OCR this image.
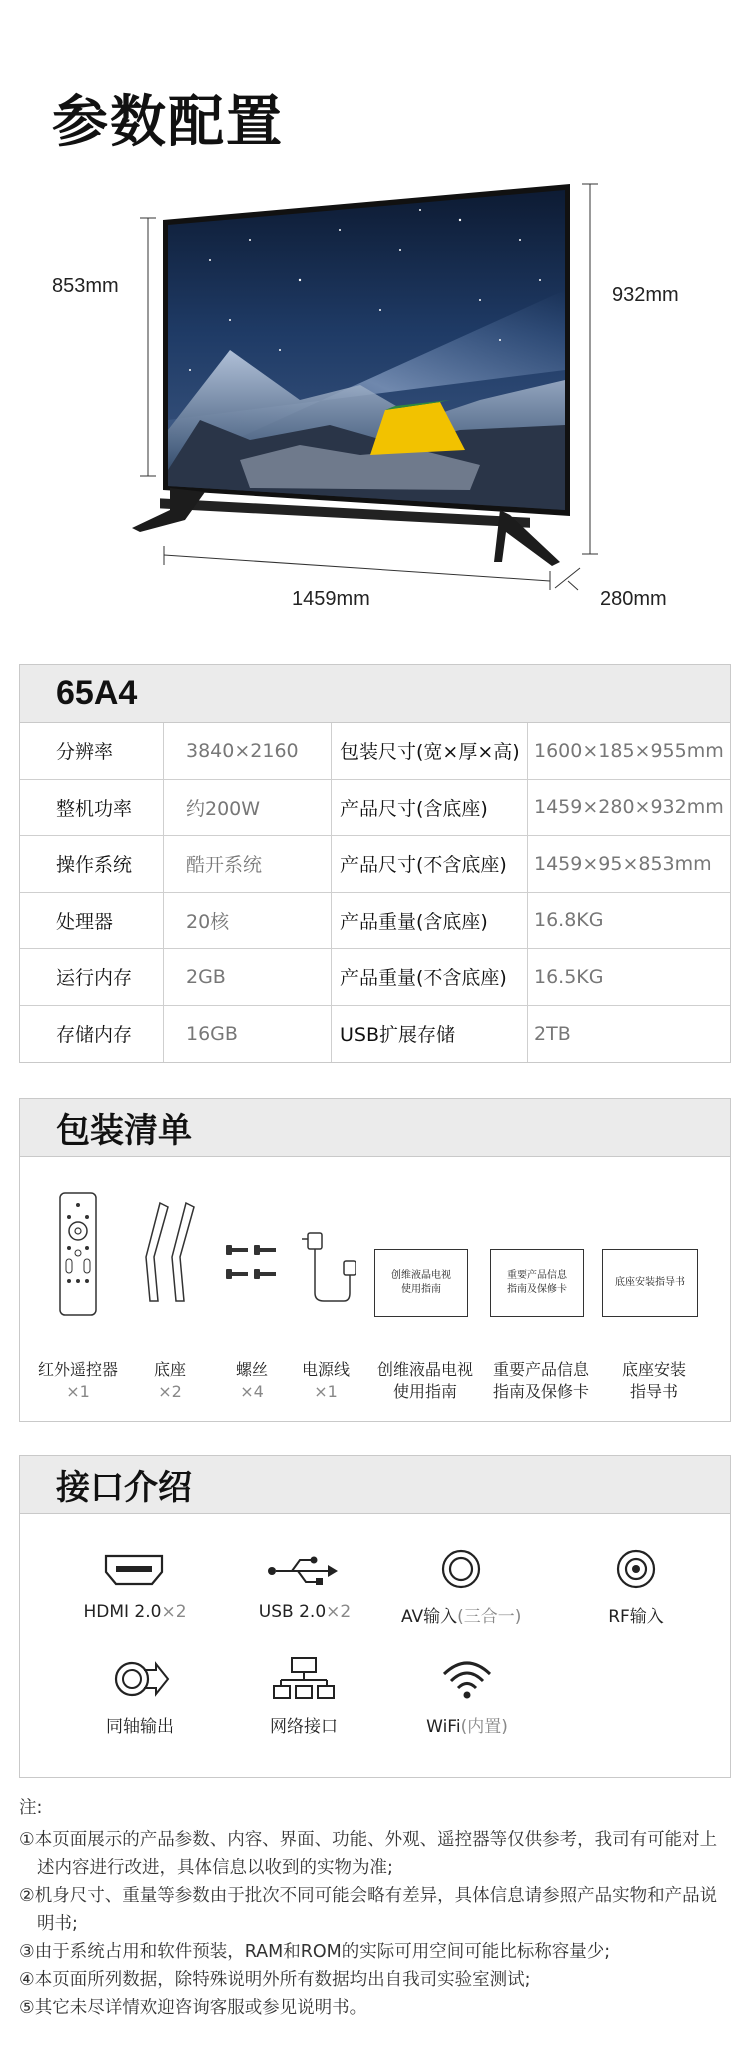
参数配置
853mm	932mm
1459mm	280mm
65A4
分辨率	3840×2160	包装尺寸(宽×厚×高) 1600×185×955mm
整机功率	约200W	产品尺寸(含底座)	1459×280×932mm
操作系统	酷开系统	产品尺寸(不含底座)	1459×95×853mm
处理器	20核	产品重量(含底座)	16.8KG
运行内存	2GB	产品重量(不含底座)	16.5KG
存储内存	16GB	USB扩展存储	2TB
包装清单
创维液晶电视
使用指南
重要产品信息
指南及保修卡
底座安装指导书
红外遥控器
×1
底座
×2
螺丝
×4
电源线
×1
创维液晶电视
使用指南
重要产品信息
指南及保修卡
底座安装
指导书
接口介绍
HDMI 2.0×2	USB 2.0×2	AV输入(三合一)	RF输入
同轴输出	网络接口	WiFi(内置)
注:
①本页面展示的产品参数、内容、界面、功能、外观、遥控器等仅供参考，我司有可能对上述内容进行改进，具体信息以收到的实物为准;
②机身尺寸、重量等参数由于批次不同可能会略有差异，具体信息请参照产品实物和产品说明书;
③由于系统占用和软件预装，RAM和ROM的实际可用空间可能比标称容量少;
④本页面所列数据，除特殊说明外所有数据均出自我司实验室测试;
⑤其它未尽详情欢迎咨询客服或参见说明书。
